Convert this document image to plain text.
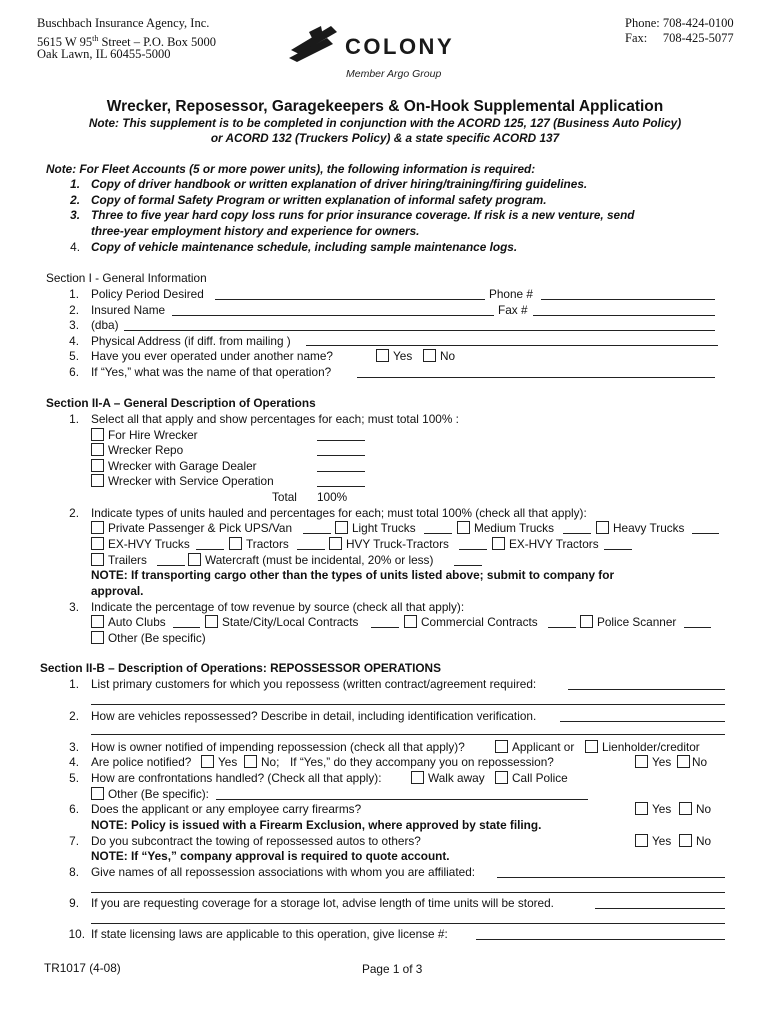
Buschbach Insurance Agency, Inc.
5615 W 95th Street – P.O. Box 5000
Oak Lawn, IL 60455-5000
Phone: 708-424-0100
Fax: 708-425-5077
COLONY
Member Argo Group
Wrecker, Reposessor, Garagekeepers & On-Hook Supplemental Application
Note: This supplement is to be completed in conjunction with the ACORD 125, 127 (Business Auto Policy)
or ACORD 132 (Truckers Policy) & a state specific ACORD 137
Note: For Fleet Accounts (5 or more power units), the following information is required:
1. Copy of driver handbook or written explanation of driver hiring/training/firing guidelines.
2. Copy of formal Safety Program or written explanation of informal safety program.
3. Three to five year hard copy loss runs for prior insurance coverage. If risk is a new venture, send
three-year employment history and experience for owners.
4. Copy of vehicle maintenance schedule, including sample maintenance logs.
Section I - General Information
1. Policy Period Desired	Phone #
2. Insured Name	Fax #
3. (dba)
4. Physical Address (if diff. from mailing )
5. Have you ever operated under another name?	Yes	No
6. If “Yes,” what was the name of that operation?
Section II-A – General Description of Operations
1. Select all that apply and show percentages for each; must total 100% :
For Hire Wrecker
Wrecker Repo
Wrecker with Garage Dealer
Wrecker with Service Operation
Total 100%
2. Indicate types of units hauled and percentages for each; must total 100% (check all that apply):
Private Passenger & Pick UPS/Van	Light Trucks	Medium Trucks	Heavy Trucks
EX-HVY Trucks	Tractors	HVY Truck-Tractors	EX-HVY Tractors
Trailers	Watercraft (must be incidental, 20% or less)
NOTE: If transporting cargo other than the types of units listed above; submit to company for
approval.
3. Indicate the percentage of tow revenue by source (check all that apply):
Auto Clubs	State/City/Local Contracts	Commercial Contracts	Police Scanner
Other (Be specific)
Section II-B – Description of Operations: REPOSSESSOR OPERATIONS
1. List primary customers for which you repossess (written contract/agreement required:
2. How are vehicles repossessed? Describe in detail, including identification verification.
3. How is owner notified of impending repossession (check all that apply)?	Applicant or	Lienholder/creditor
4. Are police notified?	Yes	No; If “Yes,” do they accompany you on repossession?	Yes	No
5. How are confrontations handled? (Check all that apply):	Walk away	Call Police
Other (Be specific):
6. Does the applicant or any employee carry firearms?	Yes	No
NOTE: Policy is issued with a Firearm Exclusion, where approved by state filing.
7. Do you subcontract the towing of repossessed autos to others?	Yes	No
NOTE: If “Yes,” company approval is required to quote account.
8. Give names of all repossession associations with whom you are affiliated:
9. If you are requesting coverage for a storage lot, advise length of time units will be stored.
10. If state licensing laws are applicable to this operation, give license #:
TR1017 (4-08)	Page 1 of 3
